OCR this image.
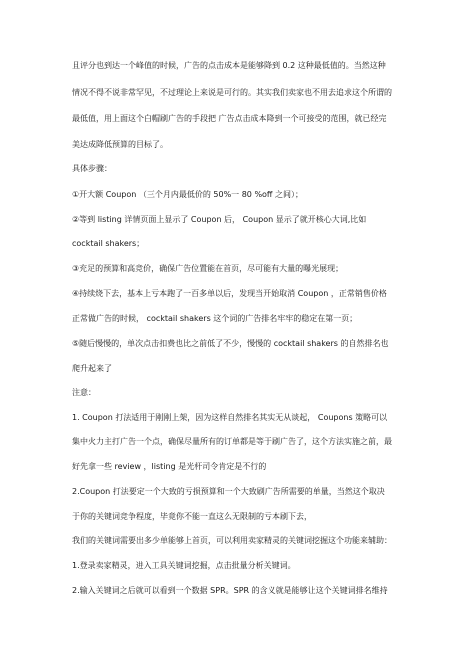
且评分也到达一个峰值的时候，广告的点击成本是能够降到 0.2 这种最低值的。当然这种
情况不得不说非常罕见，不过理论上来说是可行的。其实我们卖家也不用去追求这个所谓的
最低值，用上面这个白帽刷广告的手段把 广告点击成本降到一个可接受的范围，就已经完
美达成降低预算的目标了。
具体步骤：
①开大额 Coupon （三个月内最低价的 50%一 80 %off 之间）；
②等到 listing 详情页面上显示了 Coupon 后， Coupon 显示了就开核心大词,比如
cocktail shakers；
③充足的预算和高竞价，确保广告位置能在首页，尽可能有大量的曝光展现；
④持续烧下去，基本上亏本跑了一百多单以后，发现当开始取消 Coupon ，正常销售价格
正常做广告的时候， cocktail shakers 这个词的广告排名牢牢的稳定在第一页；
⑤随后慢慢的，单次点击扣费也比之前低了不少，慢慢的 cocktail shakers 的自然排名也
爬升起来了
注意：
1. Coupon 打法适用于刚刚上架，因为这样自然排名其实无从谈起， Coupons 策略可以
集中火力主打广告一个点，确保尽量所有的订单都是等于刷广告了，这个方法实施之前，最
好先拿一些 review ，listing 是光杆司令肯定是不行的
2.Coupon 打法要定一个大致的亏损预算和一个大致刷广告所需要的单量，当然这个取决
于你的关键词竞争程度，毕竟你不能一直这么无限制的亏本刷下去，
我们的关键词需要出多少单能够上首页，可以利用卖家精灵的关键词挖掘这个功能来辅助：
1.登录卖家精灵，进入工具关键词挖掘，点击批量分析关键词。
2.输入关键词之后就可以看到一个数据 SPR。SPR 的含义就是能够让这个关键词排名维持
